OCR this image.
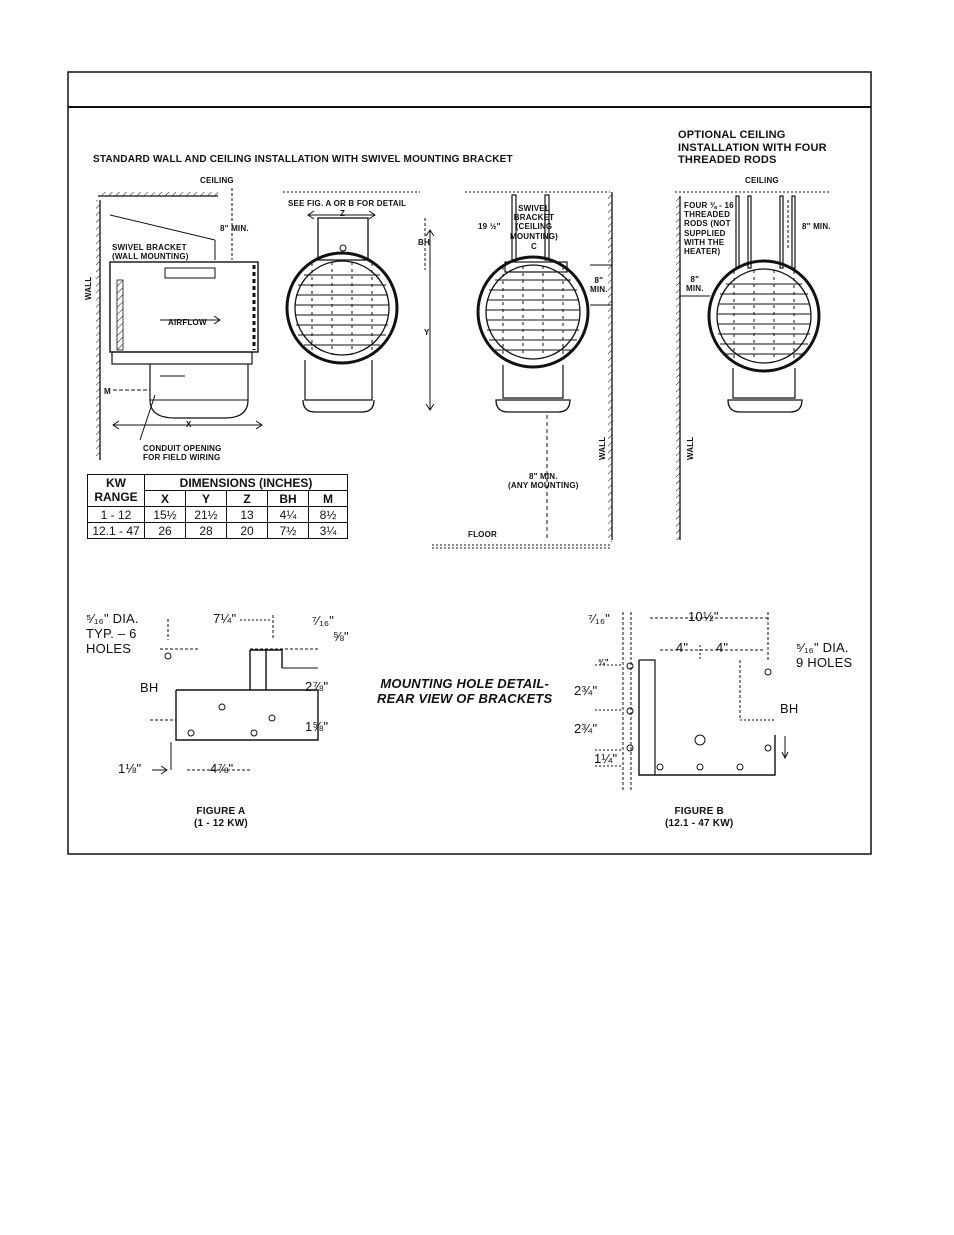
STANDARD WALL AND CEILING INSTALLATION WITH SWIVEL MOUNTING BRACKET
CEILING
WALL
SWIVEL BRACKET
(WALL MOUNTING)
AIRFLOW
8" MIN.
M
X
CONDUIT OPENING
FOR FIELD WIRING
SEE FIG. A OR B FOR DETAIL
Z
BH
Y
SWIVEL
BRACKET
(CEILING
MOUNTING)
19 ½"
C
8"
MIN.
8" MIN.
(ANY MOUNTING)
FLOOR
WALL
OPTIONAL CEILING
INSTALLATION WITH FOUR
THREADED RODS
CEILING
FOUR ⅜ - 16
THREADED
RODS (NOT
SUPPLIED
WITH THE
HEATER)
8" MIN.
8"
MIN.
WALL
KW
RANGE	DIMENSIONS (INCHES)				
	X	Y	Z	BH	M
1 - 12	15½	21½	13	4¼	8½
12.1 - 47	26	28	20	7½	3¼
⁵⁄₁₆" DIA.
TYP. – 6
HOLES
7¼"	⁷⁄₁₆"
⅝"
BH	2⅞"
1⅝"
1⅛"	4⅞"
FIGURE A
(1 - 12 KW)
MOUNTING HOLE DETAIL-
REAR VIEW OF BRACKETS
⁷⁄₁₆"	10½"
4" 4"	⁵⁄₁₆" DIA.
9 HOLES
¾"
2¾"
2¾"
1¼"
BH
FIGURE B
(12.1 - 47 KW)
